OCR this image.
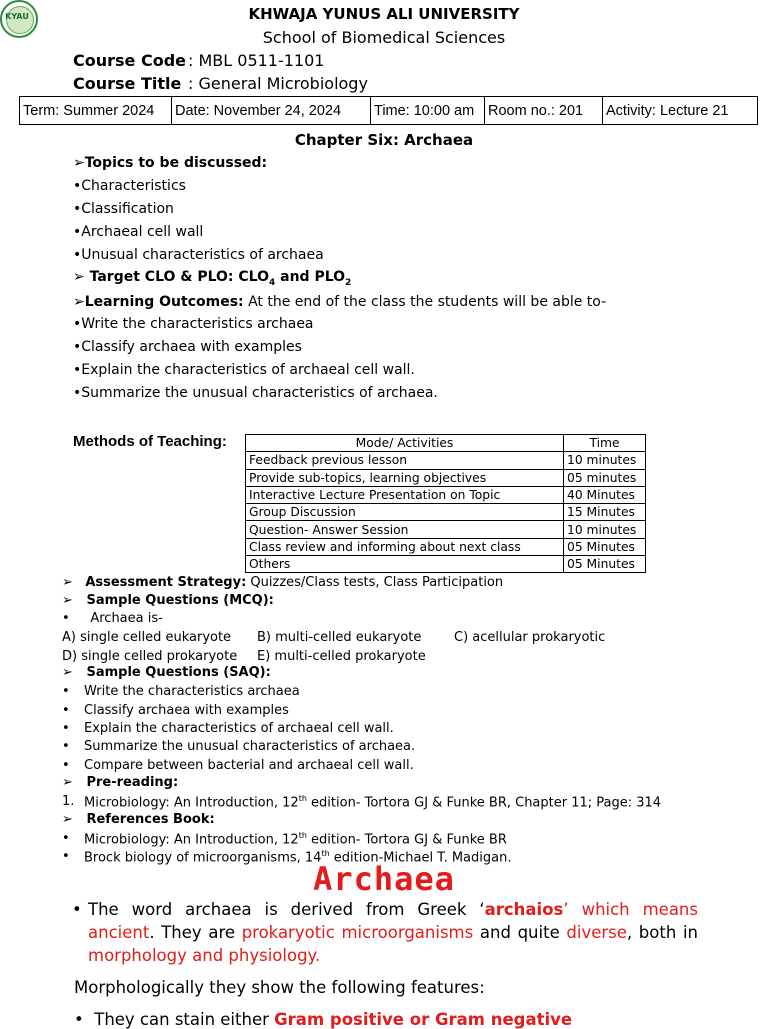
KYAU	KHWAJA YUNUS ALI UNIVERSITY
School of Biomedical Sciences
Course Code : MBL 0511-1101
Course Title : General Microbiology
Term: Summer 2024	Date: November 24, 2024	Time: 10:00 am	Room no.: 201	Activity: Lecture 21
Chapter Six: Archaea
➢Topics to be discussed:
•Characteristics
•Classification
•Archaeal cell wall
•Unusual characteristics of archaea
➢ Target CLO & PLO: $CLO_4$ and $PLO_2$
➢Learning Outcomes: At the end of the class the students will be able to-
•Write the characteristics archaea
•Classify archaea with examples
•Explain the characteristics of archaeal cell wall.
•Summarize the unusual characteristics of archaea.
Methods of Teaching:	Mode/ Activities	Time
Feedback previous lesson	10 minutes
Provide sub-topics, learning objectives	05 minutes
Interactive Lecture Presentation on Topic	40 Minutes
Group Discussion	15 Minutes
Question- Answer Session	10 minutes
Class review and informing about next class	05 Minutes
Others	05 Minutes
➢ Assessment Strategy: Quizzes/Class tests, Class Participation
➢ Sample Questions (MCQ):
• Archaea is-
A) single celled eukaryote B) multi-celled eukaryote	C) acellular prokaryotic
D) single celled prokaryote E) multi-celled prokaryote
➢ Sample Questions (SAQ):
• Write the characteristics archaea
• Classify archaea with examples
• Explain the characteristics of archaeal cell wall.
• Summarize the unusual characteristics of archaea.
• Compare between bacterial and archaeal cell wall.
➢ Pre-reading:
1. Microbiology: An Introduction, 12th edition- Tortora GJ & Funke BR, Chapter 11; Page: 314
➢ References Book:
• Microbiology: An Introduction, 12th edition- Tortora GJ & Funke BR
• Brock biology of microorganisms, 14th edition-Michael T. Madigan.
Archaea
• The word archaea is derived from Greek ‘archaios’ which means ancient. They are prokaryotic microorganisms and quite diverse, both in morphology and physiology.
Morphologically they show the following features:
• They can stain either Gram positive or Gram negative
